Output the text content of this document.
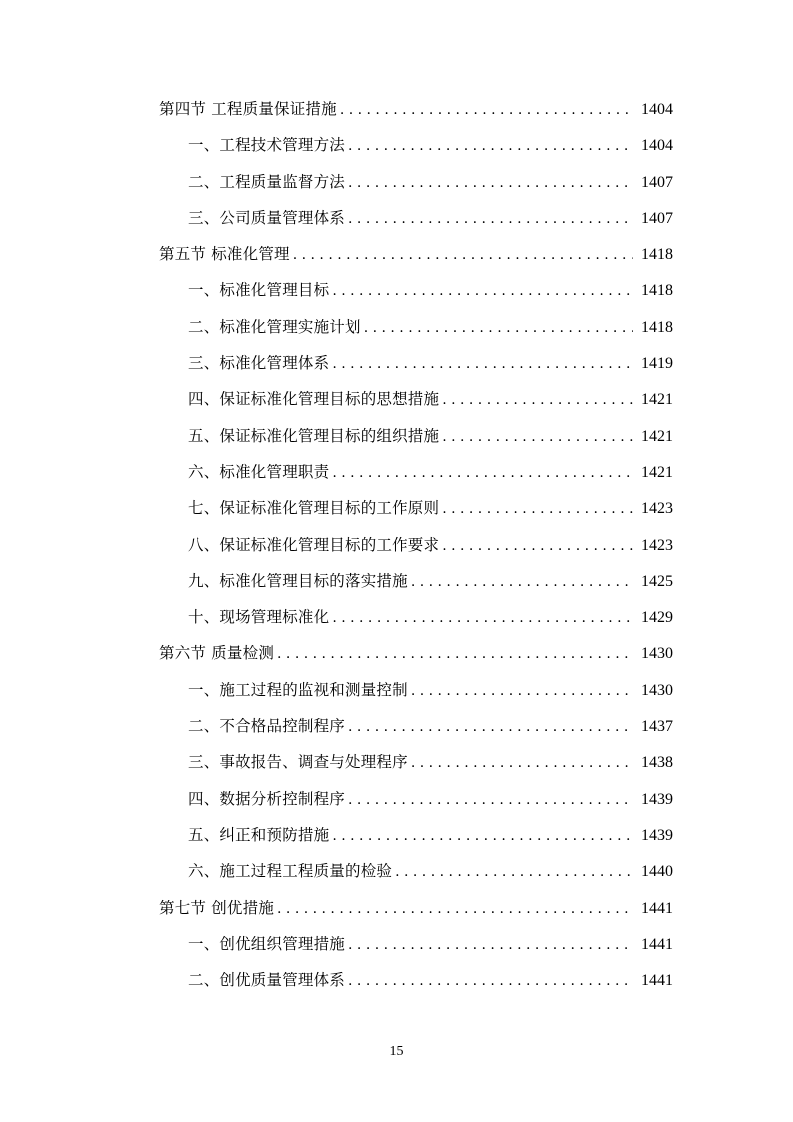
第四节 工程质量保证措施 . . .	1404
一、工程技术管理方法 . . .	1404
二、工程质量监督方法 . . .	1407
三、公司质量管理体系 . . .	1407
第五节 标准化管理 . . .	1418
一、标准化管理目标 . . .	1418
二、标准化管理实施计划 . . .	1418
三、标准化管理体系 . . .	1419
四、保证标准化管理目标的思想措施 . . .	1421
五、保证标准化管理目标的组织措施 . . .	1421
六、标准化管理职责 . . .	1421
七、保证标准化管理目标的工作原则 . . .	1423
八、保证标准化管理目标的工作要求 . . .	1423
九、标准化管理目标的落实措施 . . .	1425
十、现场管理标准化 . . .	1429
第六节 质量检测 . . .	1430
一、施工过程的监视和测量控制 . . .	1430
二、不合格品控制程序 . . .	1437
三、事故报告、调查与处理程序 . . .	1438
四、数据分析控制程序 . . .	1439
五、纠正和预防措施 . . .	1439
六、施工过程工程质量的检验 . . .	1440
第七节 创优措施 . . .	1441
一、创优组织管理措施 . . .	1441
二、创优质量管理体系 . . .	1441
15
